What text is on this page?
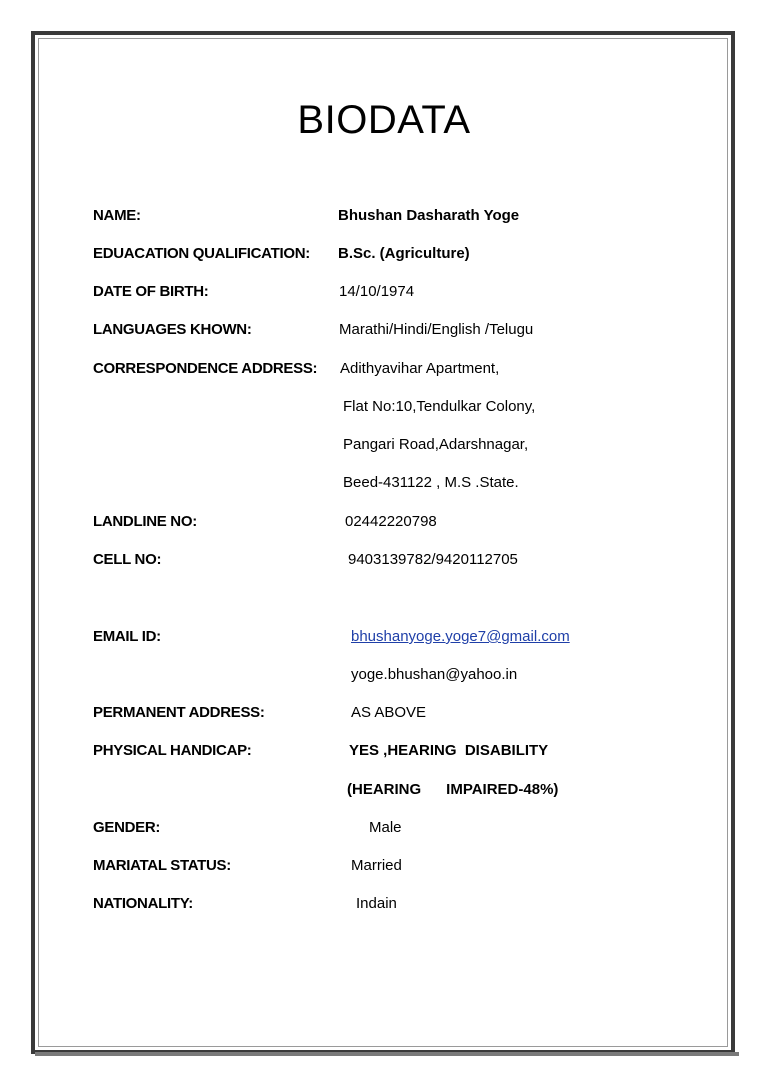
BIODATA
NAME:	Bhushan Dasharath Yoge
EDUACATION QUALIFICATION: B.Sc. (Agriculture)
DATE OF BIRTH:	14/10/1974
LANGUAGES KHOWN:	Marathi/Hindi/English /Telugu
CORRESPONDENCE ADDRESS: Adithyavihar Apartment,
Flat No:10,Tendulkar Colony,
Pangari Road,Adarshnagar,
Beed-431122 , M.S .State.
LANDLINE NO:	02442220798
CELL NO:	9403139782/9420112705
EMAIL ID:	bhushanyoge.yoge7@gmail.com
yoge.bhushan@yahoo.in
PERMANENT ADDRESS:	AS ABOVE
PHYSICAL HANDICAP:	YES ,HEARING  DISABILITY
(HEARING      IMPAIRED-48%)
GENDER:	Male
MARIATAL STATUS:	Married
NATIONALITY:	Indain
